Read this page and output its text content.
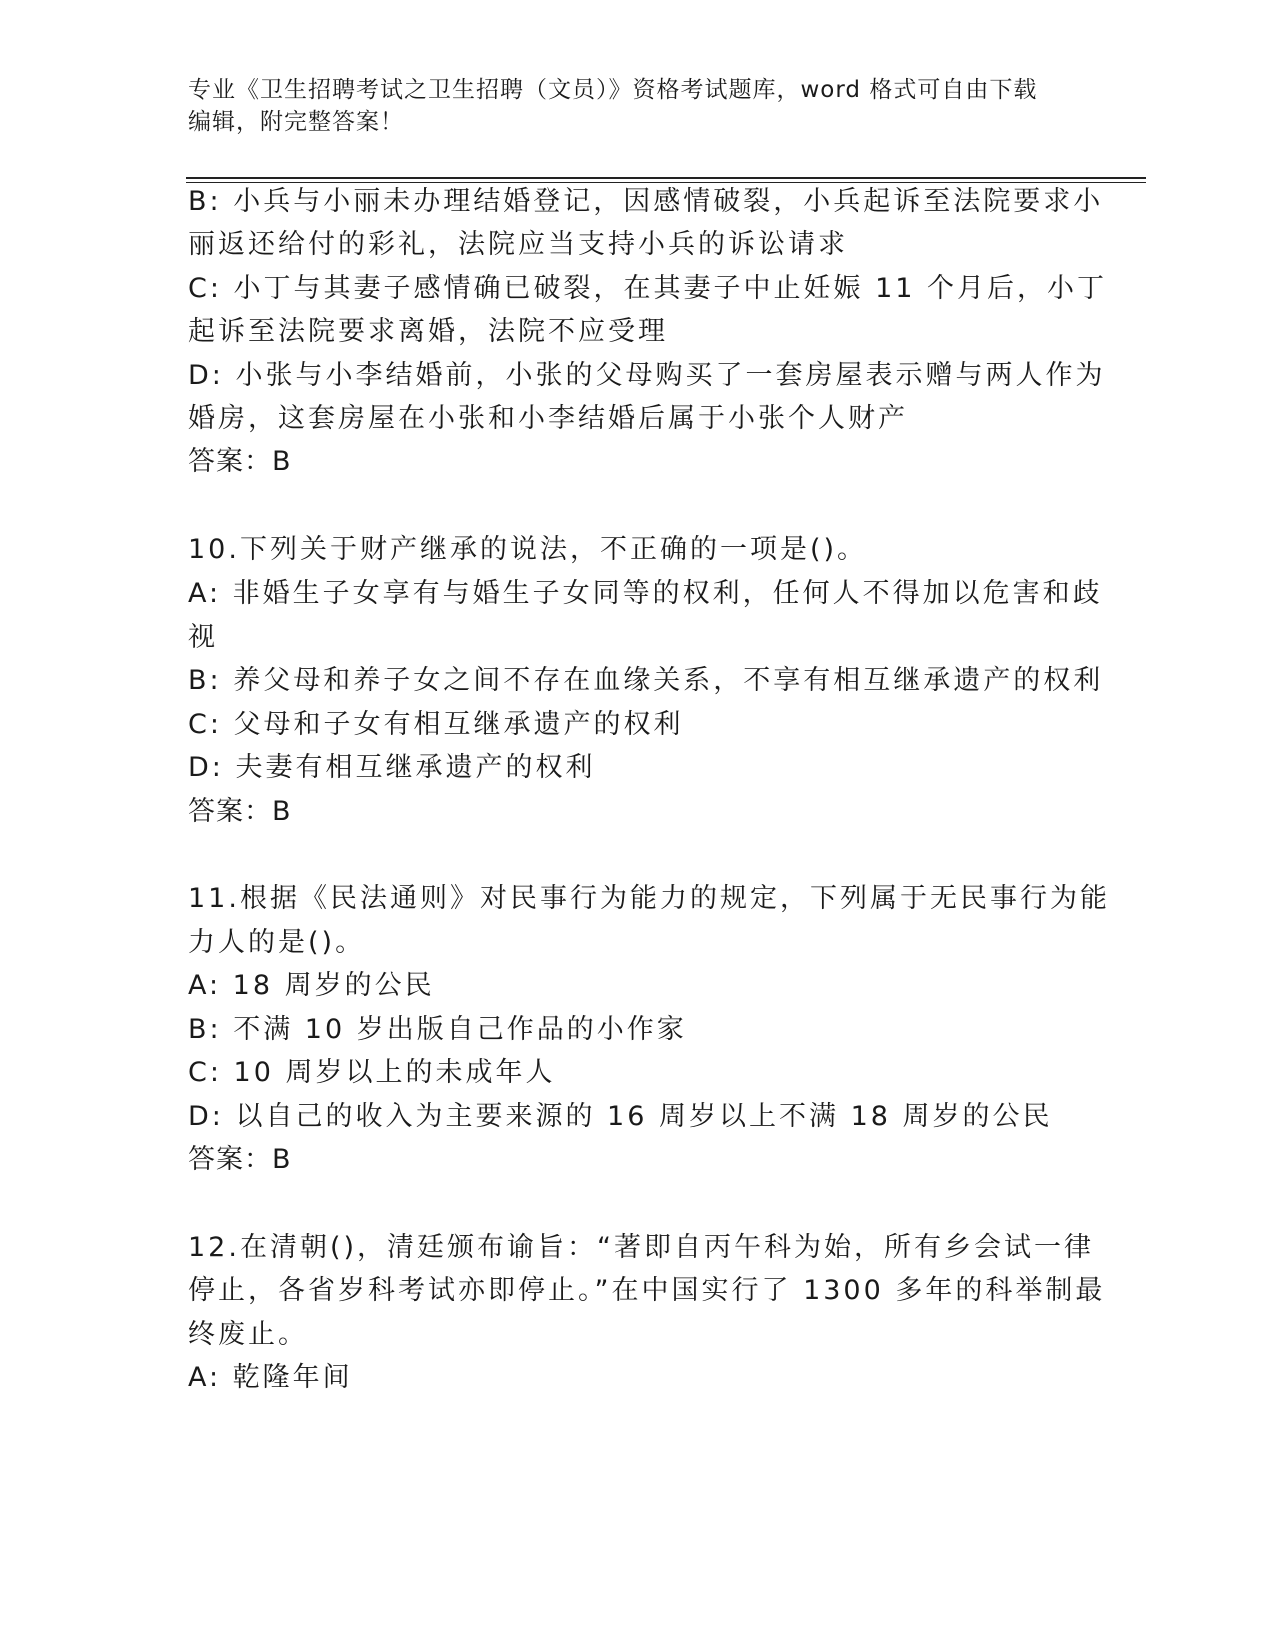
专业《卫生招聘考试之卫生招聘（文员）》资格考试题库，word 格式可自由下载
编辑，附完整答案！
B: 小兵与小丽未办理结婚登记，因感情破裂，小兵起诉至法院要求小
丽返还给付的彩礼，法院应当支持小兵的诉讼请求
C: 小丁与其妻子感情确已破裂，在其妻子中止妊娠 11 个月后，小丁
起诉至法院要求离婚，法院不应受理
D: 小张与小李结婚前，小张的父母购买了一套房屋表示赠与两人作为
婚房，这套房屋在小张和小李结婚后属于小张个人财产
答案：B
10.下列关于财产继承的说法，不正确的一项是()。
A: 非婚生子女享有与婚生子女同等的权利，任何人不得加以危害和歧
视
B: 养父母和养子女之间不存在血缘关系，不享有相互继承遗产的权利
C: 父母和子女有相互继承遗产的权利
D: 夫妻有相互继承遗产的权利
答案：B
11.根据《民法通则》对民事行为能力的规定，下列属于无民事行为能
力人的是()。
A: 18 周岁的公民
B: 不满 10 岁出版自己作品的小作家
C: 10 周岁以上的未成年人
D: 以自己的收入为主要来源的 16 周岁以上不满 18 周岁的公民
答案：B
12.在清朝()，清廷颁布谕旨：“著即自丙午科为始，所有乡会试一律
停止，各省岁科考试亦即停止。”在中国实行了 1300 多年的科举制最
终废止。
A: 乾隆年间
